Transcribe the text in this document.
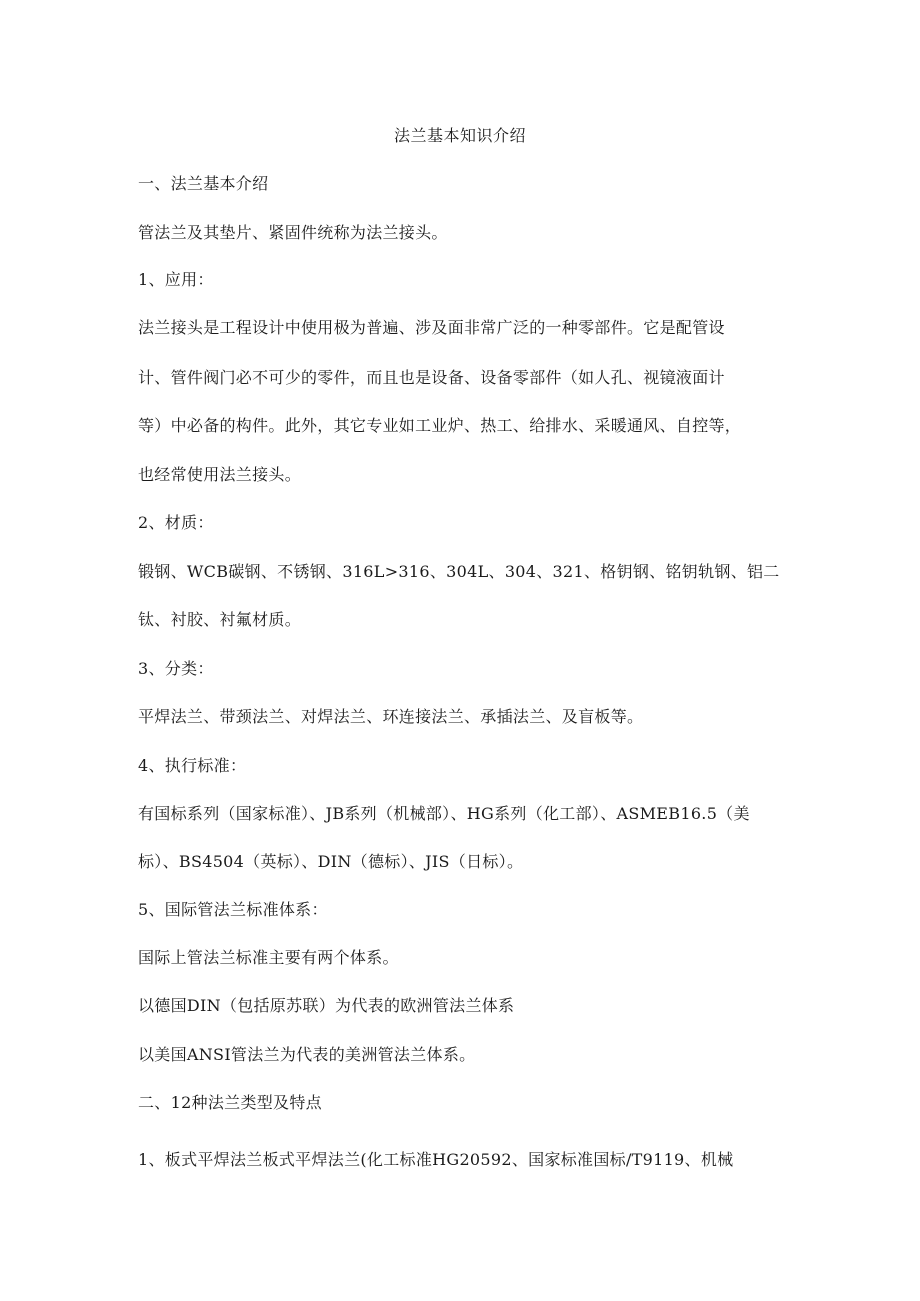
法兰基本知识介绍
一、法兰基本介绍
管法兰及其垫片、紧固件统称为法兰接头。
1、应用：
法兰接头是工程设计中使用极为普遍、涉及面非常广泛的一种零部件。它是配管设
计、管件阀门必不可少的零件，而且也是设备、设备零部件（如人孔、视镜液面计
等）中必备的构件。此外，其它专业如工业炉、热工、给排水、采暖通风、自控等，
也经常使用法兰接头。
2、材质：
锻钢、WCB碳钢、不锈钢、316L>316、304L、304、321、格钥钢、铭钥轨钢、铝二
钛、衬胶、衬氟材质。
3、分类：
平焊法兰、带颈法兰、对焊法兰、环连接法兰、承插法兰、及盲板等。
4、执行标准：
有国标系列（国家标准）、JB系列（机械部）、HG系列（化工部）、ASMEB16.5（美
标）、BS4504（英标）、DIN（德标）、JIS（日标）。
5、国际管法兰标准体系：
国际上管法兰标准主要有两个体系。
以德国DIN（包括原苏联）为代表的欧洲管法兰体系
以美国ANSI管法兰为代表的美洲管法兰体系。
二、12种法兰类型及特点
1、板式平焊法兰板式平焊法兰(化工标准HG20592、国家标准国标/T9119、机械
